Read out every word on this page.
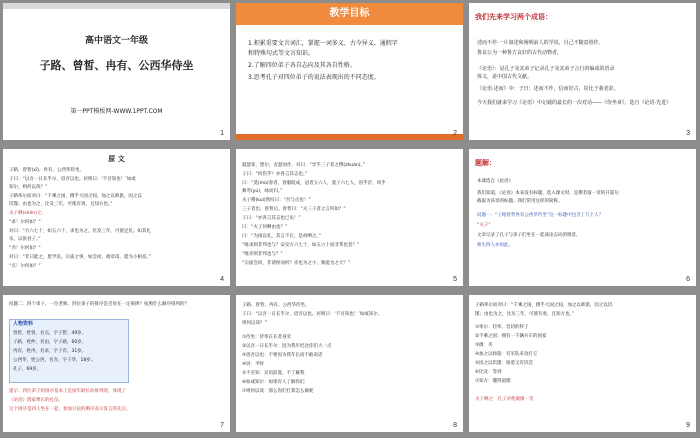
高中语文一年级
子路、曾皙、冉有、公西华侍坐
第一PPT模板网-WWW.1PPT.COM
1
教学目标
1.积累重要文言词汇，掌握一词多义、古今异义、通假字
和特殊句式等文言知识。
2.了解四位弟子各自志向及其各自性格。
3.思考孔子对四位弟子的说法表现出的不同态度。
2
我们先来学习两个成语：
述而不作·一片叙述和阐明前人的学说，自己不随意创作。
鲁哀公为一种鲁方哀好的古代动物者。
《论语》：是孔子及其弟子记录孔子及其弟子言行的编成的语录
体文，是中国古代文献。
《论语·述而》中：子曰：述而不作，信而好古，窃比于我老彭。
今天我们就来学习《论语》中记载的最长的一次对话——《侍坐章》，选自《论语·先进》
3
原 文
子路、曾皙(xī)、冉有、公西华侍坐。
子曰：“以吾一日长乎尔，毋吾以也。居则曰：‘不吾知也！’如或
知尔，则何以哉？”
子路率尔而对曰：“千乘之国，摄乎大国之间，加之以师旅，因之以
饥馑；由也为之，比及三年，可使有勇，且知方也。”
夫子哂(shěn)之。
“求！尔何如？”
对曰：“方六七十，如五六十，求也为之，比及三年，可使足民。如其礼
乐，以俟君子。”
“赤！尔何如？”
对曰：“非曰能之，愿学焉。宗庙之事，如会同，端章甫，愿为小相焉。”
“点！尔何如？”
4
鼓瑟希，铿尔，舍瑟而作，对曰：“异乎三子者之撰(zhuàn)。”
子曰：“何伤乎？亦各言其志也。”
曰：“莫(mù)春者，春服既成，冠者五六人，童子六七人，浴乎沂，风乎
舞雩(yú)，咏而归。”
夫子喟(kuì)然叹曰：“吾与点也！”
三子者出，曾皙后。曾皙曰：“夫三子者之言何如？”
子曰：“亦各言其志也已矣！”
曰：“夫子何哂由也？”
曰：“为国以礼，其言不让，是故哂之。”
“唯求则非邦也与？安见方六七十，如五六十而非邦也者？”
“唯赤则非邦也与？”
“宗庙会同，非诸侯而何？赤也为之小，孰能为之大？”
5
题解：
本课选自《论语》
我们知道，《论语》本来没有标题，选入课文时，是撰者取一章的开篇句
截取为该章的标题。我们常用这样的简称。
问题一：“子路曾皙冉有公西华侍坐”这一标题中包含了几个人？
“夫子”
文章记录了孔子与弟子们坐在一起谈论志向的情景，
师生四人亦如此。
6
问题二：四个弟子、一位老师、四位弟子的排序是否处在一定规律？按照什么顺序排列的？
人物资料
曾皙，姓曾，名点，字子皙，49岁。
子路，姓仲，名由，字子路，60岁。
冉有，姓冉，名求，字子有，31岁。
公西华，姓公西，名赤，字子华，18岁。
孔子，69岁。
提示：四位弟子的排序基本上是按年龄长幼排列的，体现了
《论语》儒家尊长的礼仪。
这个排序是四人坐在一起，参加讨论的顺序表示发言的先后。
7
子路、曾皙、冉有、公西华侍坐。
子曰：“以吾一日长乎尔，毋吾以也。居则曰：‘不吾知也！’如或知尔，
则何以哉？”
①侍坐：侍奉在长者身旁
②以吾一日长乎尔：因为我年纪比你们大一点
③毋吾以也：不要因为我年长而不敢说话
④居：平时
⑤不吾知：宾语前置，不了解我
⑥如或知尔：如果有人了解你们
⑦则何以哉：那么你们打算怎么做呢
8
子路率尔而对曰：“千乘之国，摄乎大国之间，加之以师旅，因之以饥
馑；由也为之，比及三年，可使有勇，且知方也。”
①率尔：轻率、急切的样子
②千乘之国：拥有一千辆兵车的国家
③摄：夹
④加之以师旅：有军队来攻打它
⑤因之以饥馑：接着又有饥荒
⑥比及：等到
⑦知方：懂得道理
夫子哂之：孔子对他微微一笑
9
